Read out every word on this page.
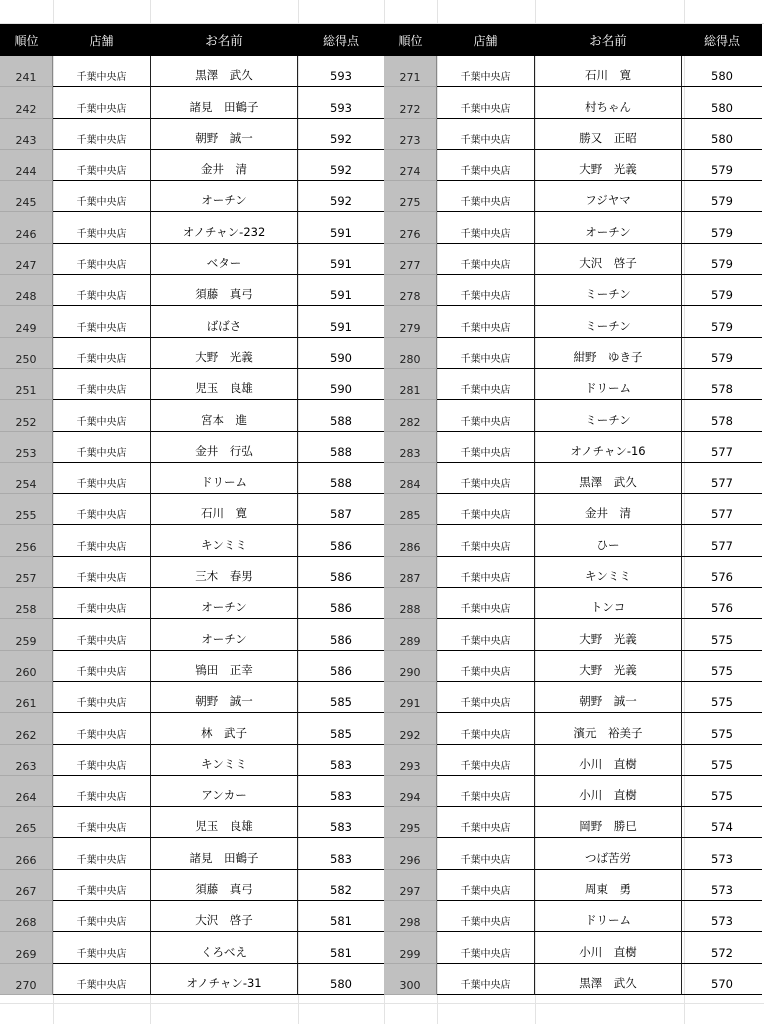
順位	店舗	お名前	総得点
241	千葉中央店	黒澤　武久	593
242	千葉中央店	諸見　田鶴子	593
243	千葉中央店	朝野　誠一	592
244	千葉中央店	金井　清	592
245	千葉中央店	オーチン	592
246	千葉中央店	オノチャン-232	591
247	千葉中央店	ベター	591
248	千葉中央店	須藤　真弓	591
249	千葉中央店	ばばさ	591
250	千葉中央店	大野　光義	590
251	千葉中央店	児玉　良雄	590
252	千葉中央店	宮本　進	588
253	千葉中央店	金井　行弘	588
254	千葉中央店	ドリーム	588
255	千葉中央店	石川　寛	587
256	千葉中央店	キンミミ	586
257	千葉中央店	三木　春男	586
258	千葉中央店	オーチン	586
259	千葉中央店	オーチン	586
260	千葉中央店	鴇田　正幸	586
261	千葉中央店	朝野　誠一	585
262	千葉中央店	林　武子	585
263	千葉中央店	キンミミ	583
264	千葉中央店	アンカー	583
265	千葉中央店	児玉　良雄	583
266	千葉中央店	諸見　田鶴子	583
267	千葉中央店	須藤　真弓	582
268	千葉中央店	大沢　啓子	581
269	千葉中央店	くろべえ	581
270	千葉中央店	オノチャン-31	580
順位	店舗	お名前	総得点
271	千葉中央店	石川　寛	580
272	千葉中央店	村ちゃん	580
273	千葉中央店	勝又　正昭	580
274	千葉中央店	大野　光義	579
275	千葉中央店	フジヤマ	579
276	千葉中央店	オーチン	579
277	千葉中央店	大沢　啓子	579
278	千葉中央店	ミーチン	579
279	千葉中央店	ミーチン	579
280	千葉中央店	紺野　ゆき子	579
281	千葉中央店	ドリーム	578
282	千葉中央店	ミーチン	578
283	千葉中央店	オノチャン-16	577
284	千葉中央店	黒澤　武久	577
285	千葉中央店	金井　清	577
286	千葉中央店	ひー	577
287	千葉中央店	キンミミ	576
288	千葉中央店	トンコ	576
289	千葉中央店	大野　光義	575
290	千葉中央店	大野　光義	575
291	千葉中央店	朝野　誠一	575
292	千葉中央店	濱元　裕美子	575
293	千葉中央店	小川　直樹	575
294	千葉中央店	小川　直樹	575
295	千葉中央店	岡野　勝巳	574
296	千葉中央店	つば苦労	573
297	千葉中央店	周東　勇	573
298	千葉中央店	ドリーム	573
299	千葉中央店	小川　直樹	572
300	千葉中央店	黒澤　武久	570
